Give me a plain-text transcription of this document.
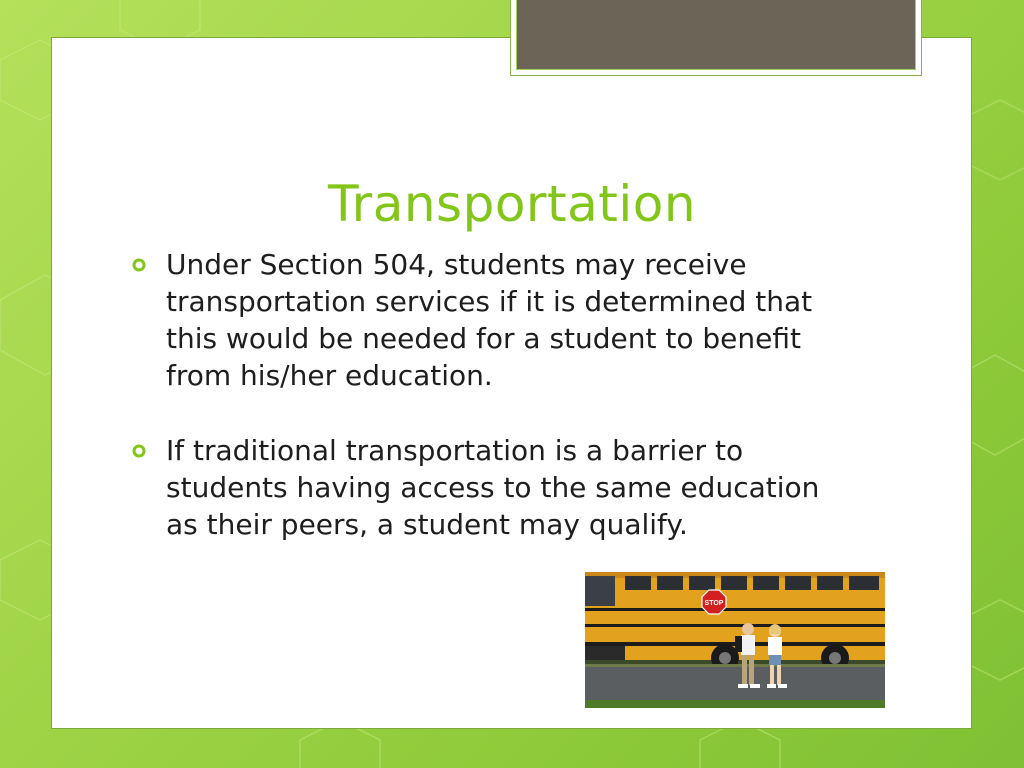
Transportation
Under Section 504, students may receive transportation services if it is determined that this would be needed for a student to benefit from his/her education.
If traditional transportation is a barrier to students having access to the same education as their peers, a student may qualify.
STOP
